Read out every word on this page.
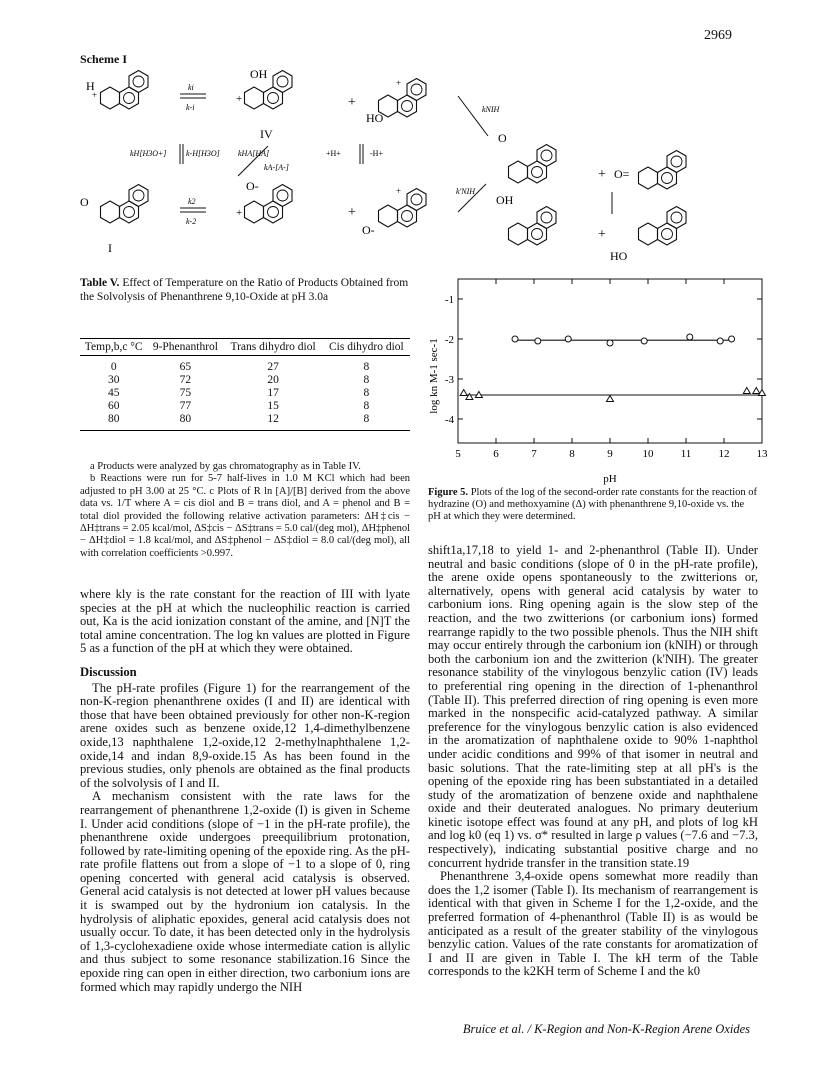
2969
Scheme I
H
+
ki
k-i
OH
+
IV
+
HO
+
kH[H3O+] k-H[H3O] kHA[HA]
kA-[A-]
+H+	-H+
O
I
k2
k-2
O-
+	+
O-
+
kNIH
k'NIH
O
+ O=
OH
+
HO
Table V. Effect of Temperature on the Ratio of Products Obtained from the Solvolysis of Phenanthrene 9,10-Oxide at pH 3.0a
Temp,b,c °C	9-Phenanthrol	Trans dihydro diol	Cis dihydro diol
0	65	27	8
30	72	20	8
45	75	17	8
60	77	15	8
80	80	12	8

a Products were analyzed by gas chromatography as in Table IV.

b Reactions were run for 5-7 half-lives in 1.0 M KCl which had been adjusted to pH 3.00 at 25 °C. c Plots of R ln [A]/[B] derived from the above data vs. 1/T where A = cis diol and B = trans diol, and A = phenol and B = total diol provided the following relative activation parameters: ΔH‡cis − ΔH‡trans = 2.05 kcal/mol, ΔS‡cis − ΔS‡trans = 5.0 cal/(deg mol), ΔH‡phenol − ΔH‡diol = 1.8 kcal/mol, and ΔS‡phenol − ΔS‡diol = 8.0 cal/(deg mol), all with correlation coefficients >0.997.

log kn M-1 sec-1
pH
5	6	7	8	9	10 11 12 13
-1
-2
-3
-4
Figure 5. Plots of the log of the second-order rate constants for the reaction of hydrazine (O) and methoxyamine (Δ) with phenanthrene 9,10-oxide vs. the pH at which they were determined.

where kly is the rate constant for the reaction of III with lyate species at the pH at which the nucleophilic reaction is carried out, Ka is the acid ionization constant of the amine, and [N]T the total amine concentration. The log kn values are plotted in Figure 5 as a function of the pH at which they were obtained.

Discussion

The pH-rate profiles (Figure 1) for the rearrangement of the non-K-region phenanthrene oxides (I and II) are identical with those that have been obtained previously for other non-K-region arene oxides such as benzene oxide,12 1,4-dimethylbenzene oxide,13 naphthalene 1,2-oxide,12 2-methylnaphthalene 1,2-oxide,14 and indan 8,9-oxide.15 As has been found in the previous studies, only phenols are obtained as the final products of the solvolysis of I and II.

A mechanism consistent with the rate laws for the rearrangement of phenanthrene 1,2-oxide (I) is given in Scheme I. Under acid conditions (slope of −1 in the pH-rate profile), the phenanthrene oxide undergoes preequilibrium protonation, followed by rate-limiting opening of the epoxide ring. As the pH-rate profile flattens out from a slope of −1 to a slope of 0, ring opening concerted with general acid catalysis is observed. General acid catalysis is not detected at lower pH values because it is swamped out by the hydronium ion catalysis. In the hydrolysis of aliphatic epoxides, general acid catalysis does not usually occur. To date, it has been detected only in the hydrolysis of 1,3-cyclohexadiene oxide whose intermediate cation is allylic and thus subject to some resonance stabilization.16 Since the epoxide ring can open in either direction, two carbonium ions are formed which may rapidly undergo the NIH

shift1a,17,18 to yield 1- and 2-phenanthrol (Table II). Under neutral and basic conditions (slope of 0 in the pH-rate profile), the arene oxide opens spontaneously to the zwitterions or, alternatively, opens with general acid catalysis by water to carbonium ions. Ring opening again is the slow step of the reaction, and the two zwitterions (or carbonium ions) formed rearrange rapidly to the two possible phenols. Thus the NIH shift may occur entirely through the carbonium ion (kNIH) or through both the carbonium ion and the zwitterion (k'NIH). The greater resonance stability of the vinylogous benzylic cation (IV) leads to preferential ring opening in the direction of 1-phenanthrol (Table II). This preferred direction of ring opening is even more marked in the nonspecific acid-catalyzed pathway. A similar preference for the vinylogous benzylic cation is also evidenced in the aromatization of naphthalene oxide to 90% 1-naphthol under acidic conditions and 99% of that isomer in neutral and basic solutions. That the rate-limiting step at all pH's is the opening of the epoxide ring has been substantiated in a detailed study of the aromatization of benzene oxide and naphthalene oxide and their deuterated analogues. No primary deuterium kinetic isotope effect was found at any pH, and plots of log kH and log k0 (eq 1) vs. σ* resulted in large ρ values (−7.6 and −7.3, respectively), indicating substantial positive charge and no concurrent hydride transfer in the transition state.19

Phenanthrene 3,4-oxide opens somewhat more readily than does the 1,2 isomer (Table I). Its mechanism of rearrangement is identical with that given in Scheme I for the 1,2-oxide, and the preferred formation of 4-phenanthrol (Table II) is as would be anticipated as a result of the greater stability of the vinylogous benzylic cation. Values of the rate constants for aromatization of I and II are given in Table I. The kH term of the Table corresponds to the k2KH term of Scheme I and the k0

Bruice et al. / K-Region and Non-K-Region Arene Oxides
